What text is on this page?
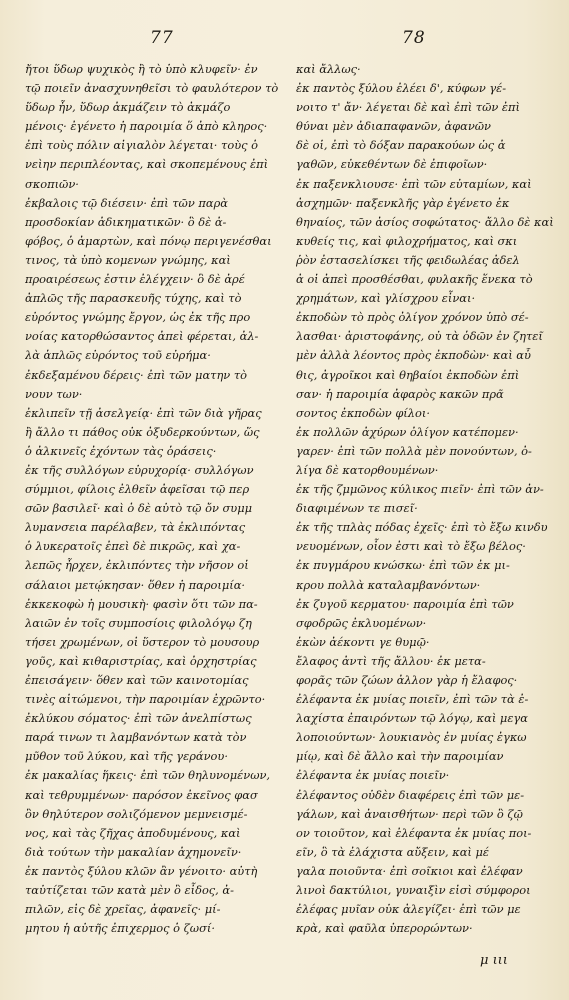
77	78
ἤτοι ὕδωρ ψυχικὸς ἢ τὸ ὑπὸ κλυφεῖν· ἐν
τῷ ποιεῖν ἀνασχυνηθεῖσι τὸ φαυλότερον τὸ
ὕδωρ ἦν, ὕδωρ ἀκμάζειν τὸ ἀκμάζο
μένοις· ἐγένετο ἡ παροιμία ὅ ἀπὸ κληρος·
ἐπὶ τοὺς πόλιν αἰγιαλὸν λέγεται· τοὺς ὁ
νεὶην περιπλέοντας, καὶ σκοπεμένους ἐπὶ
σκοπιῶν·
ἐκβαλοις τῷ διέσειν· ἐπὶ τῶν παρὰ
προσδοκίαν ἀδικηματικῶν· ὃ δὲ ἀ-
φόβος, ὁ ἀμαρτὼν, καὶ πόνῳ περιγενέσθαι
τινος, τὰ ὑπὸ κομενων γνώμης, καὶ
προαιρέσεως ἐστιν ἐλέγχειν· ὃ δὲ ἀρέ
ἀπλῶς τῆς παρασκευῆς τύχης, καὶ τὸ
εὐρόντος γνώμης ἔργον, ὡς ἐκ τῆς προ
νοίας κατορθώσαντος ἀπεὶ φέρεται, ἀλ-
λὰ ἁπλῶς εὑρόντος τοῦ εὐρήμα·
ἐκδεξαμένου δέρεις· ἐπὶ τῶν ματην τὸ
νουν των·
ἐκλιπεῖν τῇ ἀσελγείᾳ· ἐπὶ τῶν διὰ γῆρας
ἢ ἄλλο τι πάθος οὐκ ὀξυδερκούντων, ὥς
ὁ ἀλκινεῖς ἐχόντων τὰς ὁράσεις·
ἐκ τῆς συλλόγων εὐρυχορίᾳ· συλλόγων
σύμμιοι, φίλοις ἐλθεῖν ἀφεῖσαι τῷ περ
σῶν βασιλεῖ· καὶ ὁ δὲ αὐτὸ τῷ ὄν συμμ
λυμανσεια παρέλαβεν, τὰ ἐκλιπόντας
ὁ λυκερατοῖς ἐπεὶ δὲ πικρῶς, καὶ χα-
λεπῶς ἦρχεν, ἐκλιπόντες τὴν νῆσον οἱ
σάλαιοι μετῴκησαν· ὅθεν ἡ παροιμία·
ἐκκεκοφὼ ἡ μουσικὴ· φασὶν ὅτι τῶν πα-
λαιῶν ἐν τοῖς συμποσίοις φιλολόγῳ ζη
τήσει χρωμένων, οἱ ὕστερον τὸ μουσουρ
γοῦς, καὶ κιθαριστρίας, καὶ ὀρχηστρίας
ἐπεισάγειν· ὅθεν καὶ τῶν καινοτομίας
τινὲς αἰτώμενοι, τὴν παροιμίαν ἐχρῶντο·
ἐκλύκου σόματος· ἐπὶ τῶν ἀνελπίστως
παρά τινων τι λαμβανόντων κατὰ τὸν
μῦθον τοῦ λύκου, καὶ τῆς γεράνου·
ἐκ μακαλίας ἥκεις· ἐπὶ τῶν θηλυνομένων,
καὶ τεθρυμμένων· παρόσον ἐκεῖνος φασ
ὃν θηλύτερον σολιζόμενον μεμνεισμέ-
νος, καὶ τὰς ζῆχας ἀποδυμένους, καὶ
διὰ τούτων τὴν μακαλίαν ἀχημονεῖν·
ἐκ παντὸς ξύλου κλῶν ἂν γένοιτο· αὐτὴ
ταὐτίζεται τῶν κατὰ μὲν ὃ εἶδος, ἀ-
πιλῶν, εἰς δὲ χρεῖας, ἀφανεῖς· μί-
μητου ἡ αὐτῆς ἐπιχερμος ὁ ζωσί·
καὶ ἄλλως·
ἐκ παντὸς ξύλου ἐλέει δ', κύφων γέ-
νοιτο τ' ἄν· λέγεται δὲ καὶ ἐπὶ τῶν ἐπὶ
θύναι μὲν ἀδιαπαφανῶν, ἀφανῶν
δὲ οἱ, ἐπὶ τὸ δόξαν παρακούων ὡς ἀ
γαθῶν, εὐκεθέντων δὲ ἐπιφοῖων·
ἐκ παξενκλιουσε· ἐπὶ τῶν εὐταμίων, καὶ
ἀσχημῶν· παξενκλῆς γὰρ ἐγένετο ἐκ
θηναίος, τῶν ἀσίος σοφώτατος· ἄλλο δὲ καὶ
κυθείς τις, καὶ φιλοχρήματος, καὶ σκι
ῥὸν ἐστασελίσκει τῆς φειδωλέας ἀδελ
ἀ οἱ ἀπεὶ προσθέσθαι, φυλακῆς ἕνεκα τὸ
χρημάτων, καὶ γλίσχρου εἶναι·
ἐκποδὼν τὸ πρὸς ὀλίγον χρόνον ὑπὸ σέ-
λασθαι· ἀριστοφάνης, οὐ τὰ ὁδῶν ἐν ζητεῖ
μὲν ἀλλὰ λέοντος πρὸς ἐκποδὼν· καὶ αὖ
θις, ἀγροῖκοι καὶ θηβαίοι ἐκποδὼν ἐπὶ
σαν· ἡ παροιμία ἀφαρὸς κακῶν πρᾶ
σοντος ἐκποδὼν φίλοι·
ἐκ πολλῶν ἀχύρων ὀλίγον κατέπομεν·
γαρεν· ἐπὶ τῶν πολλὰ μὲν πονούντων, ὀ-
λίγα δὲ κατορθουμένων·
ἐκ τῆς ζμμῶνος κύλικος πιεῖν· ἐπὶ τῶν ἀν-
διαφιμένων τε πισεῖ·
ἐκ τῆς τπλὰς πόδας ἐχεῖς· ἐπὶ τὸ ἔξω κινδυ
νευομένων, οἷον ἐστι καὶ τὸ ἔξω βέλος·
ἐκ πυγμάρου κνώσκω· ἐπὶ τῶν ἐκ μι-
κρου πολλὰ καταλαμβανόντων·
ἐκ ζυγοῦ κερματου· παροιμία ἐπὶ τῶν
σφοδρῶς ἐκλυομένων·
ἑκὼν ἀέκοντι γε θυμῷ·
ἔλαφος ἀντὶ τῆς ἄλλου· ἐκ μετα-
φορᾶς τῶν ζώων ἀλλον γὰρ ἡ ἔλαφος·
ἐλέφαντα ἐκ μυίας ποιεῖν, ἐπὶ τῶν τὰ ἐ-
λαχίστα ἐπαιρόντων τῷ λόγῳ, καὶ μεγα
λοποιούντων· λουκιανὸς ἐν μυίας ἐγκω
μίῳ, καὶ δὲ ἄλλο καὶ τὴν παροιμίαν
ἐλέφαντα ἐκ μυίας ποιεῖν·
ἐλέφαντος οὐδὲν διαφέρεις ἐπὶ τῶν με-
γάλων, καὶ ἀναισθήτων· περὶ τῶν ὃ ζῷ
ον τοιοῦτον, καὶ ἐλέφαντα ἐκ μυίας ποι-
εῖν, ὃ τὰ ἐλάχιστα αὔξειν, καὶ μέ
γαλα ποιοῦντα· ἐπὶ σοῖκιοι καὶ ἐλέφαν
λινοὶ δακτύλιοι, γυναιξὶν εἰσὶ σύμφοροι
ἐλέφας μυῖαν οὐκ ἀλεγίζει· ἐπὶ τῶν με
κρὰ, καὶ φαῦλα ὑπερορώντων·
μ ιιι
